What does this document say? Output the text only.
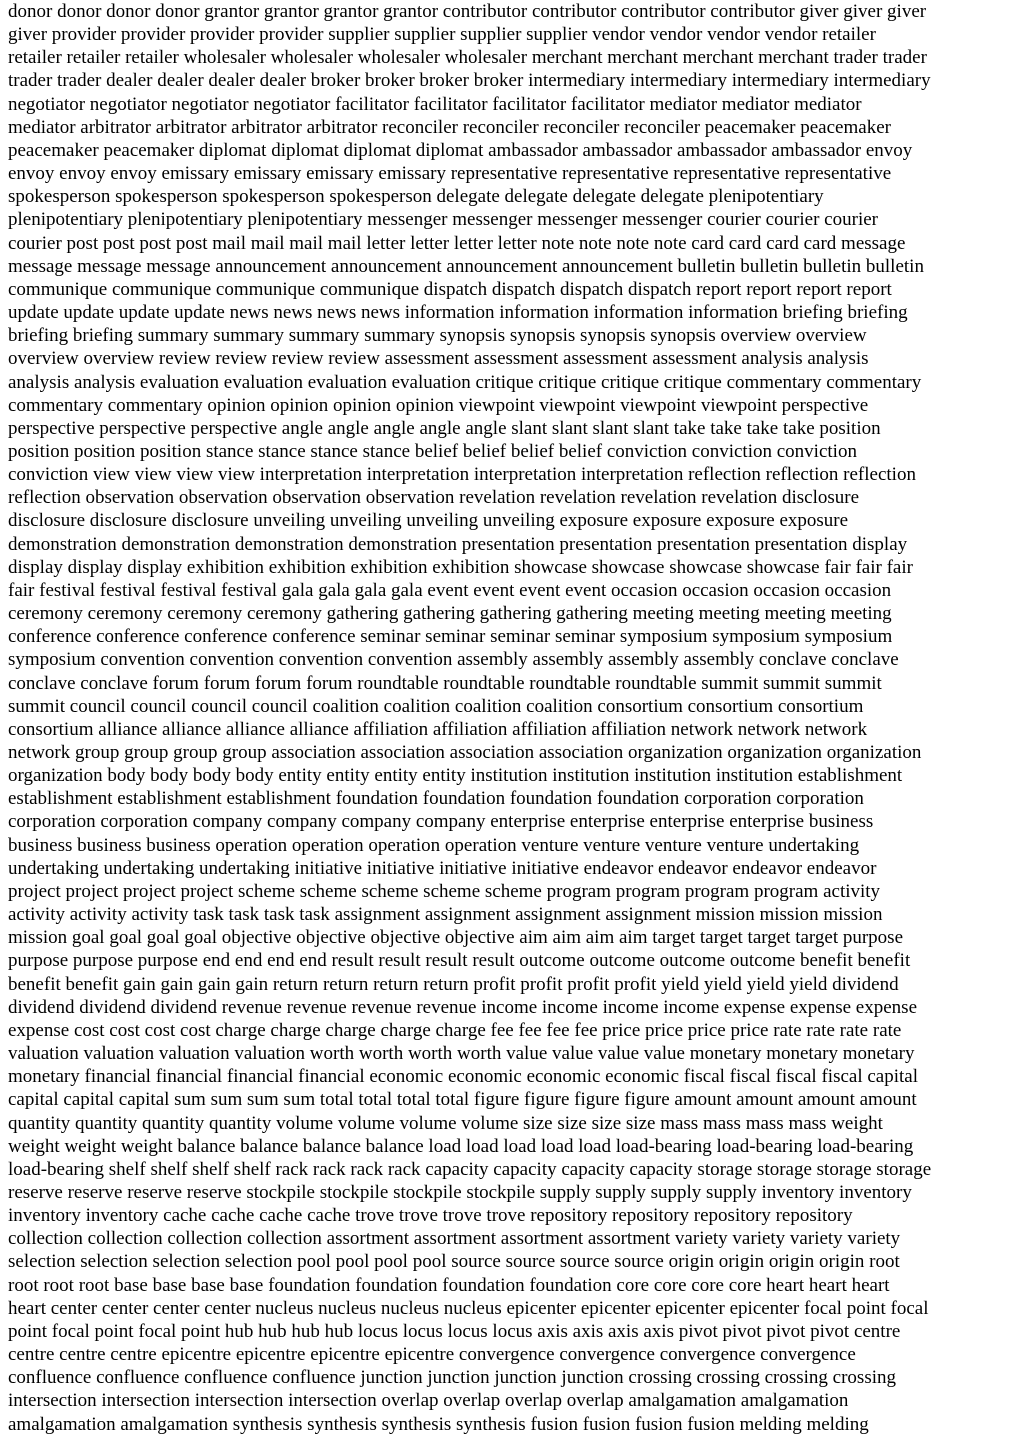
donor donor donor donor grantor grantor grantor grantor contributor contributor contributor contributor giver giver giver
giver provider provider provider provider supplier supplier supplier supplier vendor vendor vendor vendor retailer
retailer retailer retailer wholesaler wholesaler wholesaler wholesaler merchant merchant merchant merchant trader trader
trader trader dealer dealer dealer dealer broker broker broker broker intermediary intermediary intermediary intermediary
negotiator negotiator negotiator negotiator facilitator facilitator facilitator facilitator mediator mediator mediator
mediator arbitrator arbitrator arbitrator arbitrator reconciler reconciler reconciler reconciler peacemaker peacemaker
peacemaker peacemaker diplomat diplomat diplomat diplomat ambassador ambassador ambassador ambassador envoy
envoy envoy envoy emissary emissary emissary emissary representative representative representative representative
spokesperson spokesperson spokesperson spokesperson delegate delegate delegate delegate plenipotentiary
plenipotentiary plenipotentiary plenipotentiary messenger messenger messenger messenger courier courier courier
courier post post post post mail mail mail mail letter letter letter letter note note note note card card card card message
message message message announcement announcement announcement announcement bulletin bulletin bulletin bulletin
communique communique communique communique dispatch dispatch dispatch dispatch report report report report
update update update update news news news news information information information information briefing briefing
briefing briefing summary summary summary summary synopsis synopsis synopsis synopsis overview overview
overview overview review review review review assessment assessment assessment assessment analysis analysis
analysis analysis evaluation evaluation evaluation evaluation critique critique critique critique commentary commentary
commentary commentary opinion opinion opinion opinion viewpoint viewpoint viewpoint viewpoint perspective
perspective perspective perspective angle angle angle angle angle slant slant slant slant take take take take position
position position position stance stance stance stance belief belief belief belief conviction conviction conviction
conviction view view view view interpretation interpretation interpretation interpretation reflection reflection reflection
reflection observation observation observation observation revelation revelation revelation revelation disclosure
disclosure disclosure disclosure unveiling unveiling unveiling unveiling exposure exposure exposure exposure
demonstration demonstration demonstration demonstration presentation presentation presentation presentation display
display display display exhibition exhibition exhibition exhibition showcase showcase showcase showcase fair fair fair
fair festival festival festival festival gala gala gala gala event event event event occasion occasion occasion occasion
ceremony ceremony ceremony ceremony gathering gathering gathering gathering meeting meeting meeting meeting
conference conference conference conference seminar seminar seminar seminar symposium symposium symposium
symposium convention convention convention convention assembly assembly assembly assembly conclave conclave
conclave conclave forum forum forum forum roundtable roundtable roundtable roundtable summit summit summit
summit council council council council coalition coalition coalition coalition consortium consortium consortium
consortium alliance alliance alliance alliance affiliation affiliation affiliation affiliation network network network
network group group group group association association association association organization organization organization
organization body body body body entity entity entity entity institution institution institution institution establishment
establishment establishment establishment foundation foundation foundation foundation corporation corporation
corporation corporation company company company company enterprise enterprise enterprise enterprise business
business business business operation operation operation operation venture venture venture venture undertaking
undertaking undertaking undertaking initiative initiative initiative initiative endeavor endeavor endeavor endeavor
project project project project scheme scheme scheme scheme scheme program program program program activity
activity activity activity task task task task assignment assignment assignment assignment mission mission mission
mission goal goal goal goal objective objective objective objective aim aim aim aim target target target target purpose
purpose purpose purpose end end end end result result result result outcome outcome outcome outcome benefit benefit
benefit benefit gain gain gain gain return return return return profit profit profit profit yield yield yield yield dividend
dividend dividend dividend revenue revenue revenue revenue income income income income expense expense expense
expense cost cost cost cost charge charge charge charge charge fee fee fee fee price price price price rate rate rate rate
valuation valuation valuation valuation worth worth worth worth value value value value monetary monetary monetary
monetary financial financial financial financial economic economic economic economic fiscal fiscal fiscal fiscal capital
capital capital capital sum sum sum sum total total total total figure figure figure figure amount amount amount amount
quantity quantity quantity quantity volume volume volume volume size size size size mass mass mass mass weight
weight weight weight balance balance balance balance load load load load load load-bearing load-bearing load-bearing
load-bearing shelf shelf shelf shelf rack rack rack rack capacity capacity capacity capacity storage storage storage storage
reserve reserve reserve reserve stockpile stockpile stockpile stockpile supply supply supply supply inventory inventory
inventory inventory cache cache cache cache trove trove trove trove repository repository repository repository
collection collection collection collection assortment assortment assortment assortment variety variety variety variety
selection selection selection selection pool pool pool pool source source source source origin origin origin origin root
root root root base base base base foundation foundation foundation foundation core core core core heart heart heart
heart center center center center nucleus nucleus nucleus nucleus epicenter epicenter epicenter epicenter focal point focal
point focal point focal point hub hub hub hub locus locus locus locus axis axis axis axis pivot pivot pivot pivot centre
centre centre centre epicentre epicentre epicentre epicentre convergence convergence convergence convergence
confluence confluence confluence confluence junction junction junction junction crossing crossing crossing crossing
intersection intersection intersection intersection overlap overlap overlap overlap amalgamation amalgamation
amalgamation amalgamation synthesis synthesis synthesis synthesis fusion fusion fusion fusion melding melding
